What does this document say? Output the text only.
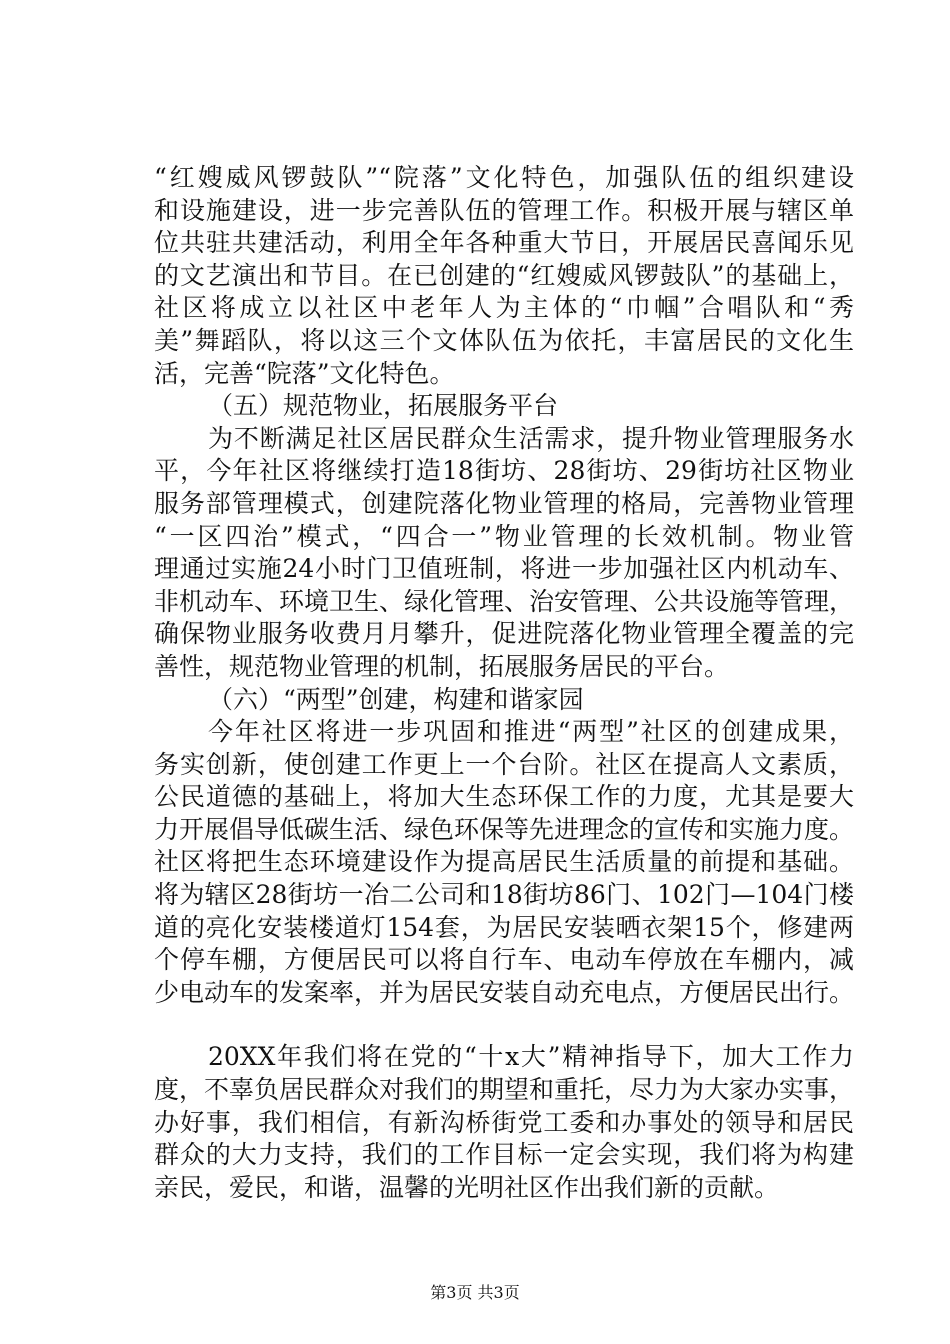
“红嫂威风锣鼓队”“院落”文化特色，加强队伍的组织建设
和设施建设，进一步完善队伍的管理工作。积极开展与辖区单
位共驻共建活动，利用全年各种重大节日，开展居民喜闻乐见
的文艺演出和节目。在已创建的“红嫂威风锣鼓队”的基础上，
社区将成立以社区中老年人为主体的“巾帼”合唱队和“秀
美”舞蹈队，将以这三个文体队伍为依托，丰富居民的文化生
活，完善“院落”文化特色。
（五）规范物业，拓展服务平台
为不断满足社区居民群众生活需求，提升物业管理服务水
平，今年社区将继续打造18街坊、28街坊、29街坊社区物业
服务部管理模式，创建院落化物业管理的格局，完善物业管理
“一区四治”模式，“四合一”物业管理的长效机制。物业管
理通过实施24小时门卫值班制，将进一步加强社区内机动车、
非机动车、环境卫生、绿化管理、治安管理、公共设施等管理，
确保物业服务收费月月攀升，促进院落化物业管理全覆盖的完
善性，规范物业管理的机制，拓展服务居民的平台。
（六）“两型”创建，构建和谐家园
今年社区将进一步巩固和推进“两型”社区的创建成果，
务实创新，使创建工作更上一个台阶。社区在提高人文素质，
公民道德的基础上，将加大生态环保工作的力度，尤其是要大
力开展倡导低碳生活、绿色环保等先进理念的宣传和实施力度。
社区将把生态环境建设作为提高居民生活质量的前提和基础。
将为辖区28街坊一冶二公司和18街坊86门、102门—104门楼
道的亮化安装楼道灯154套，为居民安装晒衣架15个，修建两
个停车棚，方便居民可以将自行车、电动车停放在车棚内，减
少电动车的发案率，并为居民安装自动充电点，方便居民出行。
20XX年我们将在党的“十x大”精神指导下，加大工作力
度，不辜负居民群众对我们的期望和重托，尽力为大家办实事，
办好事，我们相信，有新沟桥街党工委和办事处的领导和居民
群众的大力支持，我们的工作目标一定会实现，我们将为构建
亲民，爱民，和谐，温馨的光明社区作出我们新的贡献。
第3页 共3页
